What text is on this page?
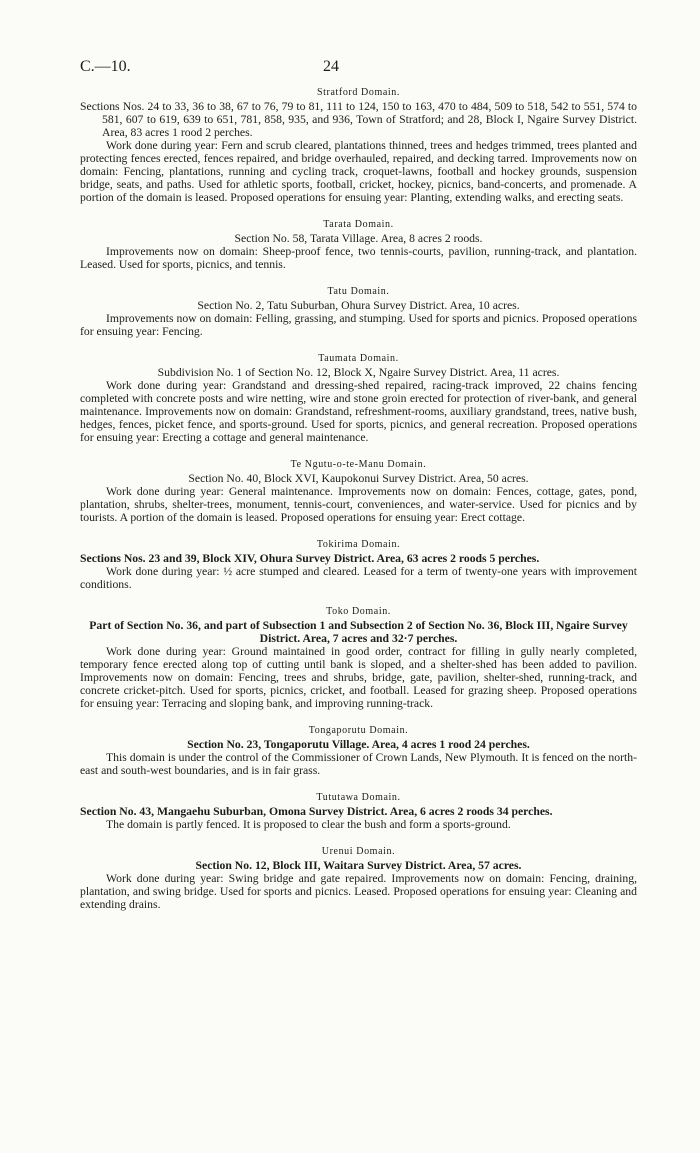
C.—10.	24
Stratford Domain.

Sections Nos. 24 to 33, 36 to 38, 67 to 76, 79 to 81, 111 to 124, 150 to 163, 470 to 484, 509 to 518, 542 to 551, 574 to 581, 607 to 619, 639 to 651, 781, 858, 935, and 936, Town of Stratford; and 28, Block I, Ngaire Survey District. Area, 83 acres 1 rood 2 perches.

Work done during year: Fern and scrub cleared, plantations thinned, trees and hedges trimmed, trees planted and protecting fences erected, fences repaired, and bridge overhauled, repaired, and decking tarred. Improvements now on domain: Fencing, plantations, running and cycling track, croquet-lawns, football and hockey grounds, suspension bridge, seats, and paths. Used for athletic sports, football, cricket, hockey, picnics, band-concerts, and promenade. A portion of the domain is leased. Proposed operations for ensuing year: Planting, extending walks, and erecting seats.

Tarata Domain.

Section No. 58, Tarata Village. Area, 8 acres 2 roods.

Improvements now on domain: Sheep-proof fence, two tennis-courts, pavilion, running-track, and plantation. Leased. Used for sports, picnics, and tennis.

Tatu Domain.

Section No. 2, Tatu Suburban, Ohura Survey District. Area, 10 acres.

Improvements now on domain: Felling, grassing, and stumping. Used for sports and picnics. Proposed operations for ensuing year: Fencing.

Taumata Domain.

Subdivision No. 1 of Section No. 12, Block X, Ngaire Survey District. Area, 11 acres.

Work done during year: Grandstand and dressing-shed repaired, racing-track improved, 22 chains fencing completed with concrete posts and wire netting, wire and stone groin erected for protection of river-bank, and general maintenance. Improvements now on domain: Grandstand, refreshment-rooms, auxiliary grandstand, trees, native bush, hedges, fences, picket fence, and sports-ground. Used for sports, picnics, and general recreation. Proposed operations for ensuing year: Erecting a cottage and general maintenance.

Te Ngutu-o-te-Manu Domain.

Section No. 40, Block XVI, Kaupokonui Survey District. Area, 50 acres.

Work done during year: General maintenance. Improvements now on domain: Fences, cottage, gates, pond, plantation, shrubs, shelter-trees, monument, tennis-court, conveniences, and water-service. Used for picnics and by tourists. A portion of the domain is leased. Proposed operations for ensuing year: Erect cottage.

Tokirima Domain.

Sections Nos. 23 and 39, Block XIV, Ohura Survey District. Area, 63 acres 2 roods 5 perches.

Work done during year: ½ acre stumped and cleared. Leased for a term of twenty-one years with improvement conditions.

Toko Domain.

Part of Section No. 36, and part of Subsection 1 and Subsection 2 of Section No. 36, Block III, Ngaire Survey District. Area, 7 acres and 32·7 perches.

Work done during year: Ground maintained in good order, contract for filling in gully nearly completed, temporary fence erected along top of cutting until bank is sloped, and a shelter-shed has been added to pavilion. Improvements now on domain: Fencing, trees and shrubs, bridge, gate, pavilion, shelter-shed, running-track, and concrete cricket-pitch. Used for sports, picnics, cricket, and football. Leased for grazing sheep. Proposed operations for ensuing year: Terracing and sloping bank, and improving running-track.

Tongaporutu Domain.

Section No. 23, Tongaporutu Village. Area, 4 acres 1 rood 24 perches.

This domain is under the control of the Commissioner of Crown Lands, New Plymouth. It is fenced on the north-east and south-west boundaries, and is in fair grass.

Tututawa Domain.

Section No. 43, Mangaehu Suburban, Omona Survey District. Area, 6 acres 2 roods 34 perches.

The domain is partly fenced. It is proposed to clear the bush and form a sports-ground.

Urenui Domain.

Section No. 12, Block III, Waitara Survey District. Area, 57 acres.

Work done during year: Swing bridge and gate repaired. Improvements now on domain: Fencing, draining, plantation, and swing bridge. Used for sports and picnics. Leased. Proposed operations for ensuing year: Cleaning and extending drains.
